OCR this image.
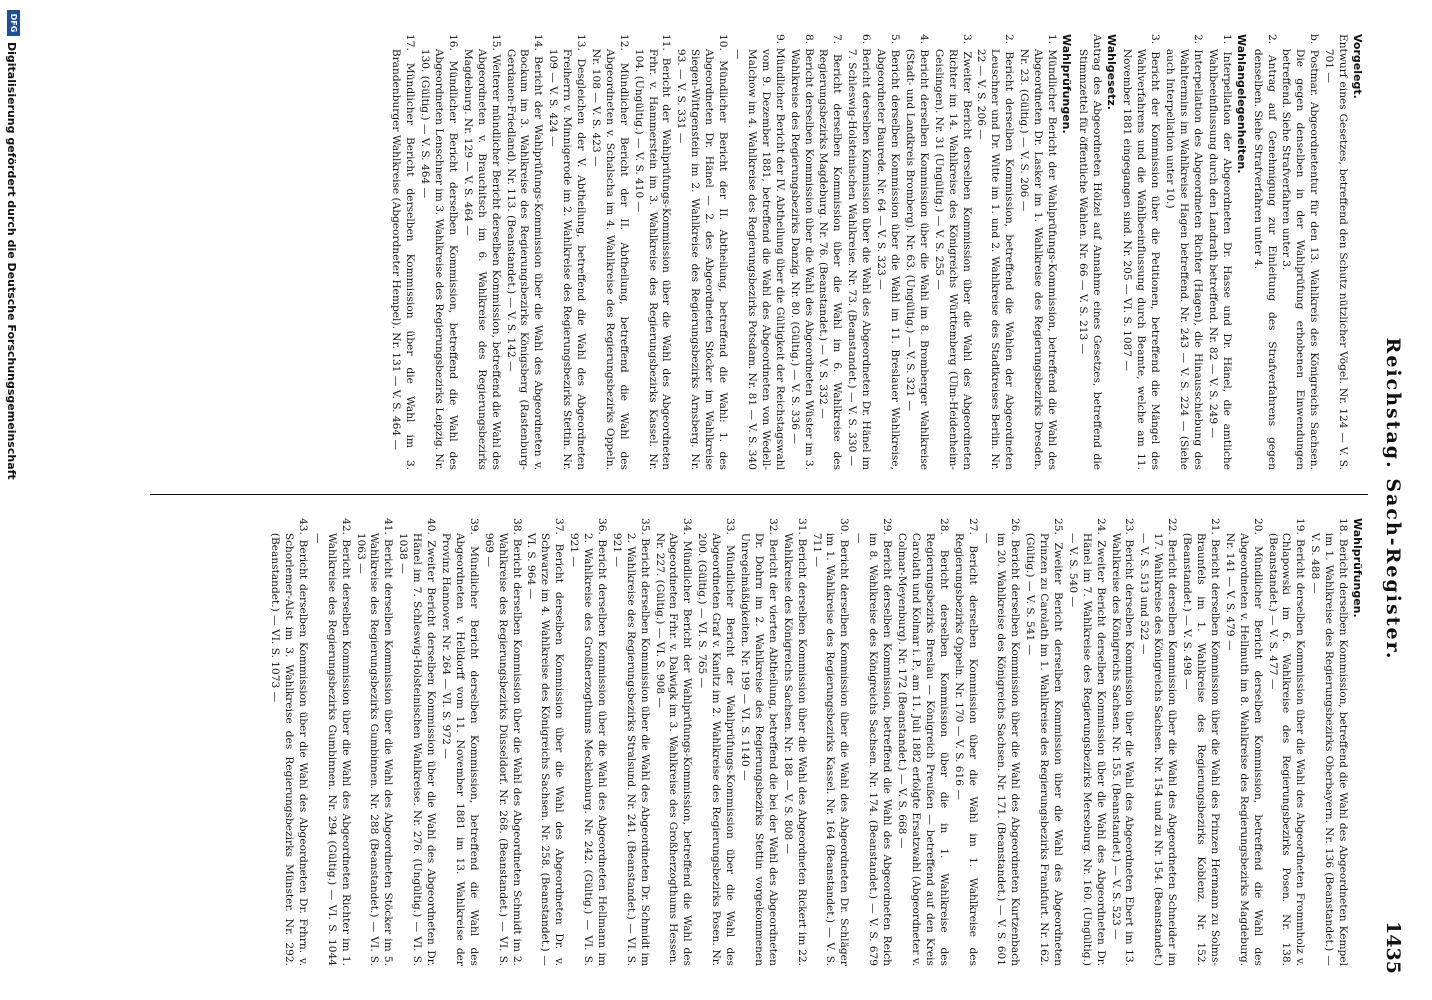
Reichstag. Sach-Register.
1435
Vorgelegt.
Entwurf eines Gesetzes, betreffend den Schutz nützlicher Vögel. Nr. 124 — V. S. 701 —
b. Postmar. Abgeordnetentur für den 13. Wahlkreis des Königreichs Sachsen. Die gegen denselben in der Wahlprüfung erhobenen Einwendungen betreffend. Siehe Strafverfahren unter 3.
2. Antrag auf Genehmigung zur Einleitung des Strafverfahrens gegen denselben. Siehe Strafverfahren unter 4.
Wahlangelegenheiten.
1. Interpellation der Abgeordneten Dr. Hasse und Dr. Hänel, die amtliche Wahlbeeinflussung durch den Landrath betreffend. Nr. 82 — V. S. 249 —
2. Interpellation des Abgeordneten Richter (Hagen), die Hinausschiebung des Wahltermins im Wahlkreise Hagen betreffend. Nr. 243 — V. S. 224 — (Siehe auch Interpellation unter 10.)
3. Bericht der Kommission über die Petitionen, betreffend die Mängel des Wahlverfahrens und die Wahlbeeinflussung durch Beamte, welche am 11. November 1881 eingegangen sind. Nr. 205 — VI. S. 1087 —
Wahlgesetz.
Antrag des Abgeordneten Hölzel auf Annahme eines Gesetzes, betreffend die Stimmzettel für öffentliche Wahlen. Nr. 66 — V. S. 213 —
Wahlprüfungen.
1. Mündlicher Bericht der Wahlprüfungs-Kommission, betreffend die Wahl des Abgeordneten Dr. Lasker im 1. Wahlkreise des Regierungsbezirks Dresden. Nr. 23. (Gültig.) — V. S. 206 —
2. Bericht derselben Kommission, betreffend die Wahlen der Abgeordneten Leuschner und Dr. Witte im 1. und 2. Wahlkreise des Stadtkreises Berlin. Nr. 22 — V. S. 206 —
3. Zweiter Bericht derselben Kommission über die Wahl des Abgeordneten Richter im 14. Wahlkreise des Königreichs Württemberg (Ulm-Heidenheim-Geislingen). Nr. 31 (Ungültig.) — V. S. 255 —
4. Bericht derselben Kommission über die Wahl im 8. Bromberger Wahlkreise (Stadt- und Landkreis Bromberg). Nr. 63. (Ungültig.) — V. S. 321 —
5. Bericht derselben Kommission über die Wahl im 11. Breslauer Wahlkreise, Abgeordneter Baurede. Nr. 64 — V. S. 323 —
6. Bericht derselben Kommission über die Wahl des Abgeordneten Dr. Hänel im 7. Schleswig-Holsteinischen Wahlkreise. Nr. 73. (Beanstandet.) — V. S. 330 —
7. Bericht derselben Kommission über die Wahl im 6. Wahlkreise des Regierungsbezirks Magdeburg. Nr. 76. (Beanstandet.) — V. S. 332 —
8. Bericht derselben Kommission über die Wahl des Abgeordneten Wüster im 3. Wahlkreise des Regierungsbezirks Danzig. Nr. 80. (Gültig.) — V. S. 336 —
9. Mündlicher Bericht der IV. Abtheilung über die Gültigkeit der Reichstagswahl vom 9. Dezember 1881, betreffend die Wahl des Abgeordneten von Wedell-Malchow im 4. Wahlkreise des Regierungsbezirks Potsdam. Nr. 81 — V. S. 340 —
10. Mündlicher Bericht der II. Abtheilung, betreffend die Wahl: 1. des Abgeordneten Dr. Hänel — 2. des Abgeordneten Stöcker im Wahlkreise Siegen-Wittgenstein im 2. Wahlkreise des Regierungsbezirks Arnsberg. Nr. 93. — V. S. 331 —
11. Bericht der Wahlprüfungs-Kommission über die Wahl des Abgeordneten Frhr. v. Hammerstein im 3. Wahlkreise des Regierungsbezirks Kassel. Nr. 104. (Ungültig.) — V. S. 410 —
12. Mündlicher Bericht der II. Abtheilung, betreffend die Wahl des Abgeordneten v. Schalscha im 4. Wahlkreise des Regierungsbezirks Oppeln. Nr. 108 — V. S. 423 —
13. Desgleichen der V. Abtheilung, betreffend die Wahl des Abgeordneten Freiherrn v. Minnigerode im 2. Wahlkreise des Regierungsbezirks Stettin. Nr. 109 — V. S. 424 —
14. Bericht der Wahlprüfungs-Kommission über die Wahl des Abgeordneten v. Bockum im 3. Wahlkreise des Regierungsbezirks Königsberg (Rastenburg-Gerdauen-Friedland). Nr. 113. (Beanstandet.) — V. S. 142 —
15. Weiterer mündlicher Bericht derselben Kommission, betreffend die Wahl des Abgeordneten v. Brauchitsch im 6. Wahlkreise des Regierungsbezirks Magdeburg. Nr. 129 — V. S. 464 —
16. Mündlicher Bericht derselben Kommission, betreffend die Wahl des Abgeordneten Lenschner im 3. Wahlkreise des Regierungsbezirks Leipzig. Nr. 130. (Gültig.) — V. S. 464 —
17. Mündlicher Bericht derselben Kommission über die Wahl im 3. Brandenburger Wahlkreise (Abgeordneter Hempel). Nr. 131 — V. S. 464 —
Wahlprüfungen.
18. Bericht derselben Kommission, betreffend die Wahl des Abgeordneten Kempel im 1. Wahlkreise des Regierungsbezirks Oberbayern. Nr. 136 (Beanstandet.) — V. S. 488 —
19. Bericht derselben Kommission über die Wahl des Abgeordneten Frommholz v. Chlapowski im 6. Wahlkreise des Regierungsbezirks Posen. Nr. 138. (Beanstandet.) — V. S. 477 —
20. Mündlicher Bericht derselben Kommission, betreffend die Wahl des Abgeordneten v. Hellmuth im 8. Wahlkreise des Regierungsbezirks Magdeburg. Nr. 141 — V. S. 479 —
21. Bericht derselben Kommission über die Wahl des Prinzen Hermann zu Solms-Braunfels im 1. Wahlkreise des Regierungsbezirks Koblenz. Nr. 152. (Beanstandet.) — V. S. 498 —
22. Bericht derselben Kommission über die Wahl des Abgeordneten Schneider im 17. Wahlkreise des Königreichs Sachsen. Nr. 154 und zu Nr. 154. (Beanstandet.) — V. S. 513 und 522 —
23. Bericht derselben Kommission über die Wahl des Abgeordneten Ebert im 13. Wahlkreise des Königreichs Sachsen. Nr. 155. (Beanstandet.) — V. S. 523 —
24. Zweiter Bericht derselben Kommission über die Wahl des Abgeordneten Dr. Hänel im 7. Wahlkreise des Regierungsbezirks Merseburg. Nr. 160. (Ungültig.) — V. S. 540 —
25. Zweiter Bericht derselben Kommission über die Wahl des Abgeordneten Prinzen zu Carolath im 1. Wahlkreise des Regierungsbezirks Frankfurt. Nr. 162. (Gültig.) — V. S. 541 —
26. Bericht derselben Kommission über die Wahl des Abgeordneten Kurtzenbach im 20. Wahlkreise des Königreichs Sachsen. Nr. 171. (Beanstandet.) — V. S. 601 —
27. Bericht derselben Kommission über die Wahl im 1. Wahlkreise des Regierungsbezirks Oppeln. Nr. 170 — V. S. 616 —
28. Bericht derselben Kommission über die in 1. Wahlkreise des Regierungsbezirks Breslau — Königreich Preußen — betreffend auf den Kreis Carolath und Kolmar i. P., am 11. Juli 1882 erfolgte Ersatzwahl (Abgeordneter v. Colmar-Meyenburg). Nr. 172 (Beanstandet.) — V. S. 668 —
29. Bericht derselben Kommission, betreffend die Wahl des Abgeordneten Reich im 8. Wahlkreise des Königreichs Sachsen. Nr. 174. (Beanstandet.) — V. S. 679 —
30. Bericht derselben Kommission über die Wahl des Abgeordneten Dr. Schläger im 1. Wahlkreise des Regierungsbezirks Kassel. Nr. 164 (Beanstandet.) — V. S. 711 —
31. Bericht derselben Kommission über die Wahl des Abgeordneten Rickert im 22. Wahlkreise des Königreichs Sachsen. Nr. 188 — V. S. 808 —
32. Bericht der vierten Abtheilung, betreffend die bei der Wahl des Abgeordneten Dr. Dohrn im 2. Wahlkreise des Regierungsbezirks Stettin vorgekommenen Unregelmäßigkeiten. Nr. 199 — VI. S. 1140 —
33. Mündlicher Bericht der Wahlprüfungs-Kommission über die Wahl des Abgeordneten Graf v. Kanitz im 2. Wahlkreise des Regierungsbezirks Posen. Nr. 200. (Gültig.) — VI. S. 765 —
34. Mündlicher Bericht der Wahlprüfungs-Kommission, betreffend die Wahl des Abgeordneten Frhr. v. Dalwigk im 3. Wahlkreise des Großherzogthums Hessen. Nr. 227. (Gültig.) — VI. S. 908 —
35. Bericht derselben Kommission über die Wahl des Abgeordneten Dr. Schmidt im 2. Wahlkreise des Regierungsbezirks Stralsund. Nr. 241. (Beanstandet.) — VI. S. 921 —
36. Bericht derselben Kommission über die Wahl des Abgeordneten Hellmann im 2. Wahlkreise des Großherzogthums Mecklenburg. Nr. 242. (Gültig.) — VI. S. 921 —
37. Bericht derselben Kommission über die Wahl des Abgeordneten Dr. v. Schwarze im 4. Wahlkreise des Königreichs Sachsen. Nr. 258. (Beanstandet.) — VI. S. 964 —
38. Bericht derselben Kommission über die Wahl des Abgeordneten Schmidt im 2. Wahlkreise des Regierungsbezirks Düsseldorf. Nr. 268. (Beanstandet.) — VI. S. 969 —
39. Mündlicher Bericht derselben Kommission, betreffend die Wahl des Abgeordneten v. Helldorff vom 11. November 1881 im 13. Wahlkreise der Provinz Hannover. Nr. 264 — VI. S. 972 —
40. Zweiter Bericht derselben Kommission über die Wahl des Abgeordneten Dr. Hänel im 7. Schleswig-Holsteinischen Wahlkreise. Nr. 276. (Ungültig.) — VI. S. 1038 —
41. Bericht derselben Kommission über die Wahl des Abgeordneten Stöcker im 5. Wahlkreise des Regierungsbezirks Gumbinnen. Nr. 288 (Beanstandet.) — VI. S. 1063 —
42. Bericht derselben Kommission über die Wahl des Abgeordneten Richter im 1. Wahlkreise des Regierungsbezirks Gumbinnen. Nr. 294 (Gültig.) — VI. S. 1044 —
43. Bericht derselben Kommission über die Wahl des Abgeordneten Dr. Frhrn. v. Schorlemer-Alst im 3. Wahlkreise des Regierungsbezirks Münster. Nr. 292. (Beanstandet.) — VI. S. 1073 —
DFG
Digitalisierung gefördert durch die Deutsche Forschungsgemeinschaft
